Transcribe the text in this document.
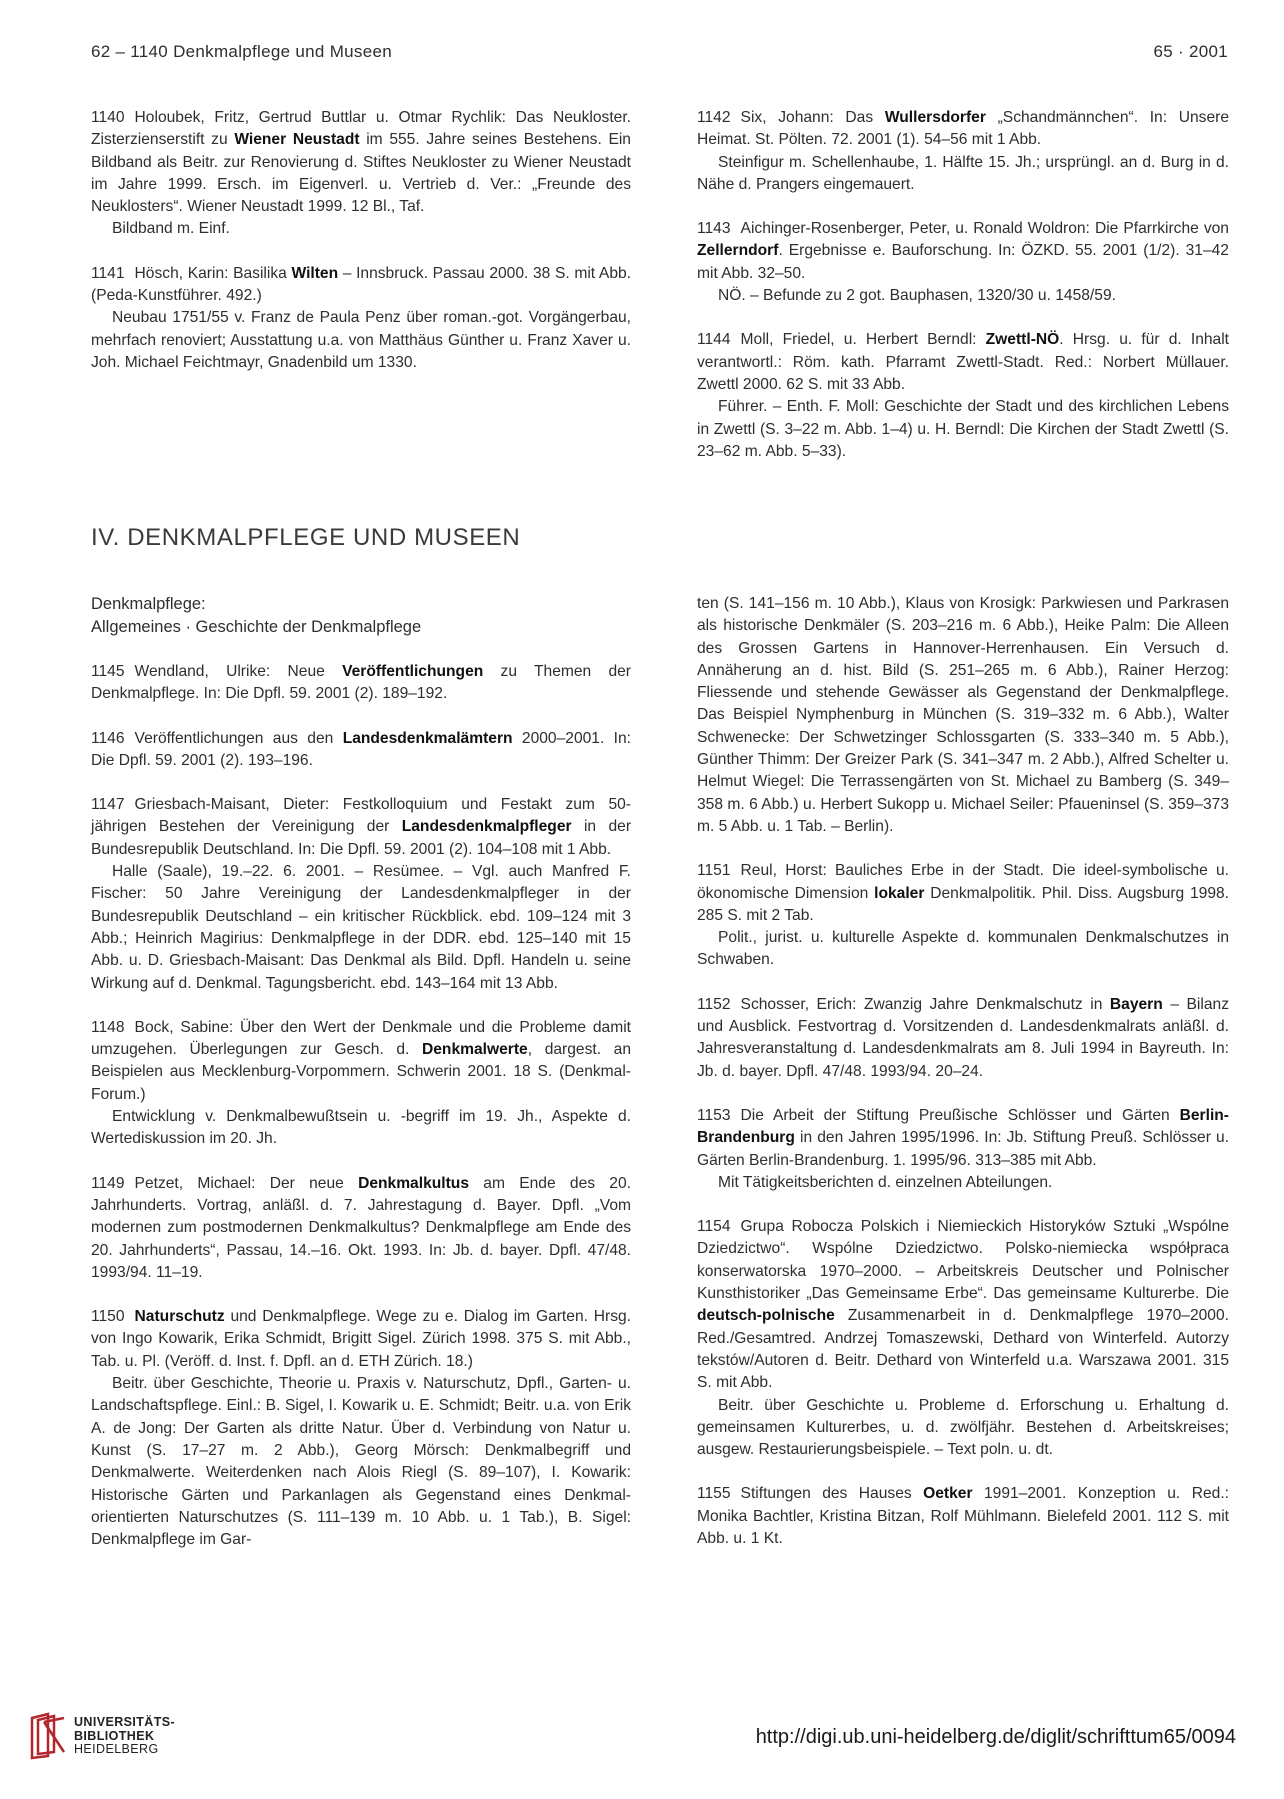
62 – 1140 Denkmalpflege und Museen	65 · 2001

1140 Holoubek, Fritz, Gertrud Buttlar u. Otmar Rychlik: Das Neukloster. Zisterzienserstift zu Wiener Neustadt im 555. Jahre seines Bestehens. Ein Bildband als Beitr. zur Renovierung d. Stiftes Neukloster zu Wiener Neustadt im Jahre 1999. Ersch. im Eigenverl. u. Vertrieb d. Ver.: „Freunde des Neuklosters“. Wiener Neustadt 1999. 12 Bl., Taf.

Bildband m. Einf.

1141 Hösch, Karin: Basilika Wilten – Innsbruck. Passau 2000. 38 S. mit Abb. (Peda-Kunstführer. 492.)

Neubau 1751/55 v. Franz de Paula Penz über roman.-got. Vorgängerbau, mehrfach renoviert; Ausstattung u.a. von Matthäus Günther u. Franz Xaver u. Joh. Michael Feichtmayr, Gnadenbild um 1330.

1142 Six, Johann: Das Wullersdorfer „Schandmännchen“. In: Unsere Heimat. St. Pölten. 72. 2001 (1). 54–56 mit 1 Abb.

Steinfigur m. Schellenhaube, 1. Hälfte 15. Jh.; ursprüngl. an d. Burg in d. Nähe d. Prangers eingemauert.

1143 Aichinger-Rosenberger, Peter, u. Ronald Woldron: Die Pfarrkirche von Zellerndorf. Ergebnisse e. Bauforschung. In: ÖZKD. 55. 2001 (1/2). 31–42 mit Abb. 32–50.

NÖ. – Befunde zu 2 got. Bauphasen, 1320/30 u. 1458/59.

1144 Moll, Friedel, u. Herbert Berndl: Zwettl-NÖ. Hrsg. u. für d. Inhalt verantwortl.: Röm. kath. Pfarramt Zwettl-Stadt. Red.: Norbert Müllauer. Zwettl 2000. 62 S. mit 33 Abb.

Führer. – Enth. F. Moll: Geschichte der Stadt und des kirchlichen Lebens in Zwettl (S. 3–22 m. Abb. 1–4) u. H. Berndl: Die Kirchen der Stadt Zwettl (S. 23–62 m. Abb. 5–33).

IV. DENKMALPFLEGE UND MUSEEN
Denkmalpflege:
Allgemeines · Geschichte der Denkmalpflege

1145 Wendland, Ulrike: Neue Veröffentlichungen zu Themen der Denkmalpflege. In: Die Dpfl. 59. 2001 (2). 189–192.

1146 Veröffentlichungen aus den Landesdenkmalämtern 2000–2001. In: Die Dpfl. 59. 2001 (2). 193–196.

1147 Griesbach-Maisant, Dieter: Festkolloquium und Festakt zum 50-jährigen Bestehen der Vereinigung der Landesdenkmalpfleger in der Bundesrepublik Deutschland. In: Die Dpfl. 59. 2001 (2). 104–108 mit 1 Abb.

Halle (Saale), 19.–22. 6. 2001. – Resümee. – Vgl. auch Manfred F. Fischer: 50 Jahre Vereinigung der Landesdenkmalpfleger in der Bundesrepublik Deutschland – ein kritischer Rückblick. ebd. 109–124 mit 3 Abb.; Heinrich Magirius: Denkmalpflege in der DDR. ebd. 125–140 mit 15 Abb. u. D. Griesbach-Maisant: Das Denkmal als Bild. Dpfl. Handeln u. seine Wirkung auf d. Denkmal. Tagungsbericht. ebd. 143–164 mit 13 Abb.

1148 Bock, Sabine: Über den Wert der Denkmale und die Probleme damit umzugehen. Überlegungen zur Gesch. d. Denkmalwerte, dargest. an Beispielen aus Mecklenburg-Vorpommern. Schwerin 2001. 18 S. (Denkmal-Forum.)

Entwicklung v. Denkmalbewußtsein u. -begriff im 19. Jh., Aspekte d. Wertediskussion im 20. Jh.

1149 Petzet, Michael: Der neue Denkmalkultus am Ende des 20. Jahrhunderts. Vortrag, anläßl. d. 7. Jahrestagung d. Bayer. Dpfl. „Vom modernen zum postmodernen Denkmalkultus? Denkmalpflege am Ende des 20. Jahrhunderts“, Passau, 14.–16. Okt. 1993. In: Jb. d. bayer. Dpfl. 47/48. 1993/94. 11–19.

1150 Naturschutz und Denkmalpflege. Wege zu e. Dialog im Garten. Hrsg. von Ingo Kowarik, Erika Schmidt, Brigitt Sigel. Zürich 1998. 375 S. mit Abb., Tab. u. Pl. (Veröff. d. Inst. f. Dpfl. an d. ETH Zürich. 18.)

Beitr. über Geschichte, Theorie u. Praxis v. Naturschutz, Dpfl., Garten- u. Landschaftspflege. Einl.: B. Sigel, I. Kowarik u. E. Schmidt; Beitr. u.a. von Erik A. de Jong: Der Garten als dritte Natur. Über d. Verbindung von Natur u. Kunst (S. 17–27 m. 2 Abb.), Georg Mörsch: Denkmalbegriff und Denkmalwerte. Weiterdenken nach Alois Riegl (S. 89–107), I. Kowarik: Historische Gärten und Parkanlagen als Gegenstand eines Denkmal-orientierten Naturschutzes (S. 111–139 m. 10 Abb. u. 1 Tab.), B. Sigel: Denkmalpflege im Gar-

ten (S. 141–156 m. 10 Abb.), Klaus von Krosigk: Parkwiesen und Parkrasen als historische Denkmäler (S. 203–216 m. 6 Abb.), Heike Palm: Die Alleen des Grossen Gartens in Hannover-Herrenhausen. Ein Versuch d. Annäherung an d. hist. Bild (S. 251–265 m. 6 Abb.), Rainer Herzog: Fliessende und stehende Gewässer als Gegenstand der Denkmalpflege. Das Beispiel Nymphenburg in München (S. 319–332 m. 6 Abb.), Walter Schwenecke: Der Schwetzinger Schlossgarten (S. 333–340 m. 5 Abb.), Günther Thimm: Der Greizer Park (S. 341–347 m. 2 Abb.), Alfred Schelter u. Helmut Wiegel: Die Terrassengärten von St. Michael zu Bamberg (S. 349–358 m. 6 Abb.) u. Herbert Sukopp u. Michael Seiler: Pfaueninsel (S. 359–373 m. 5 Abb. u. 1 Tab. – Berlin).

1151 Reul, Horst: Bauliches Erbe in der Stadt. Die ideel-symbolische u. ökonomische Dimension lokaler Denkmalpolitik. Phil. Diss. Augsburg 1998. 285 S. mit 2 Tab.

Polit., jurist. u. kulturelle Aspekte d. kommunalen Denkmalschutzes in Schwaben.

1152 Schosser, Erich: Zwanzig Jahre Denkmalschutz in Bayern – Bilanz und Ausblick. Festvortrag d. Vorsitzenden d. Landesdenkmalrats anläßl. d. Jahresveranstaltung d. Landesdenkmalrats am 8. Juli 1994 in Bayreuth. In: Jb. d. bayer. Dpfl. 47/48. 1993/94. 20–24.

1153 Die Arbeit der Stiftung Preußische Schlösser und Gärten Berlin-Brandenburg in den Jahren 1995/1996. In: Jb. Stiftung Preuß. Schlösser u. Gärten Berlin-Brandenburg. 1. 1995/96. 313–385 mit Abb.

Mit Tätigkeitsberichten d. einzelnen Abteilungen.

1154 Grupa Robocza Polskich i Niemieckich Historyków Sztuki „Wspólne Dziedzictwo“. Wspólne Dziedzictwo. Polsko-niemiecka współpraca konserwatorska 1970–2000. – Arbeitskreis Deutscher und Polnischer Kunsthistoriker „Das Gemeinsame Erbe“. Das gemeinsame Kulturerbe. Die deutsch-polnische Zusammenarbeit in d. Denkmalpflege 1970–2000. Red./Gesamtred. Andrzej Tomaszewski, Dethard von Winterfeld. Autorzy tekstów/Autoren d. Beitr. Dethard von Winterfeld u.a. Warszawa 2001. 315 S. mit Abb.

Beitr. über Geschichte u. Probleme d. Erforschung u. Erhaltung d. gemeinsamen Kulturerbes, u. d. zwölfjähr. Bestehen d. Arbeitskreises; ausgew. Restaurierungsbeispiele. – Text poln. u. dt.

1155 Stiftungen des Hauses Oetker 1991–2001. Konzeption u. Red.: Monika Bachtler, Kristina Bitzan, Rolf Mühlmann. Bielefeld 2001. 112 S. mit Abb. u. 1 Kt.

UNIVERSITÄTS-
BIBLIOTHEK
HEIDELBERG
http://digi.ub.uni-heidelberg.de/diglit/schrifttum65/0094
